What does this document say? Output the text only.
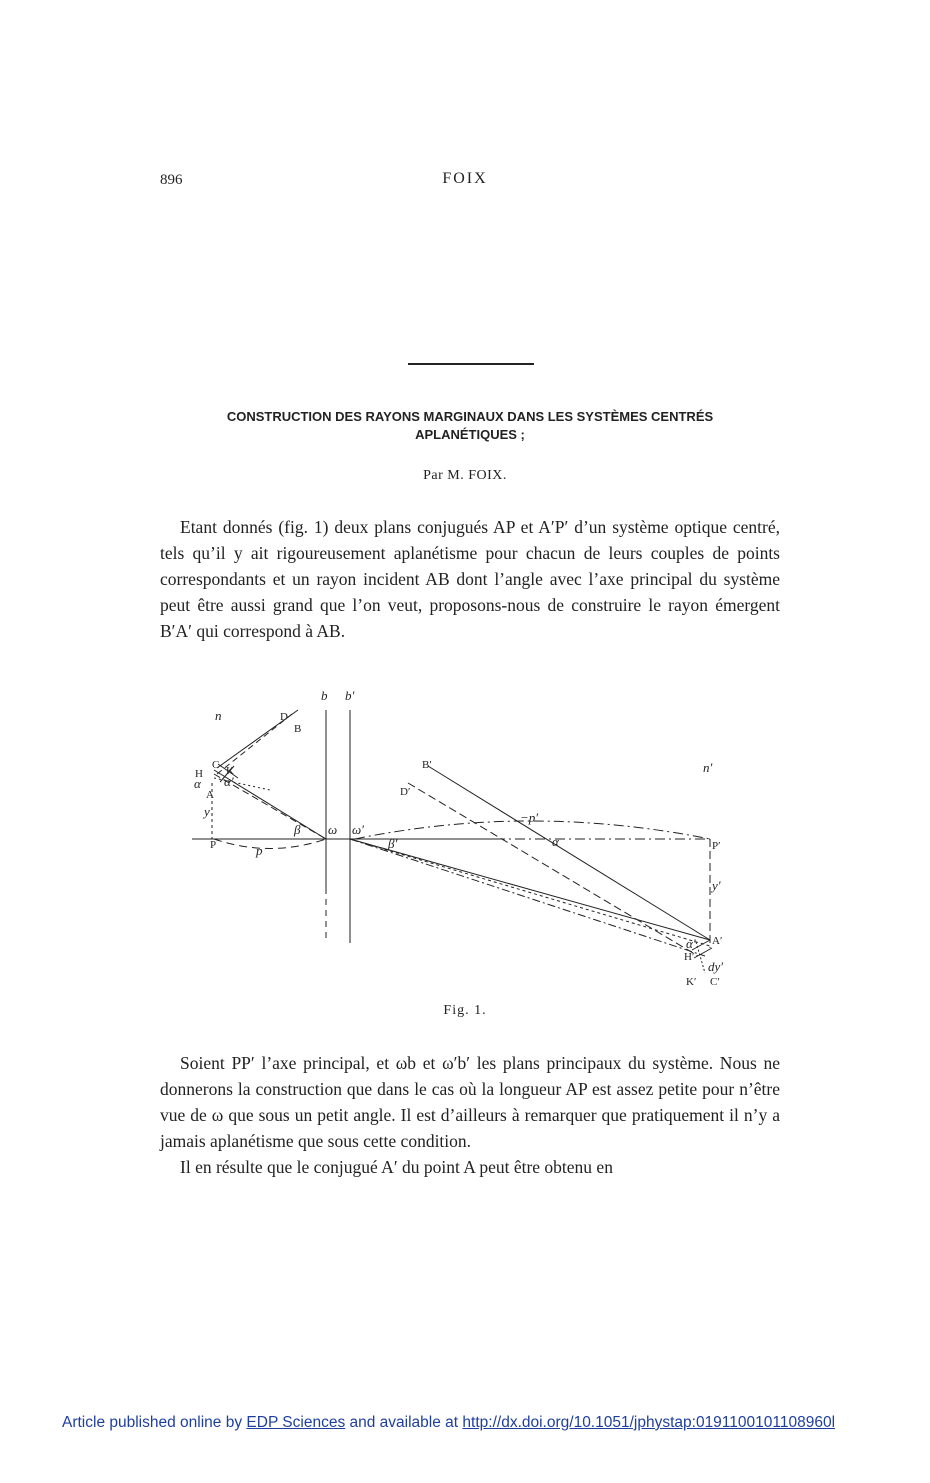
896	FOIX
CONSTRUCTION DES RAYONS MARGINAUX DANS LES SYSTÈMES CENTRÉS
APLANÉTIQUES ;
Par M. FOIX.

Etant donnés (fig. 1) deux plans conjugués AP et A′P′ d’un système optique centré, tels qu’il y ait rigoureusement aplanétisme pour chacun de leurs couples de points correspondants et un rayon incident AB dont l’angle avec l’axe principal du système peut être aussi grand que l’on veut, proposons-nous de construire le rayon émergent B′A′ qui correspond à AB.

b b′
n
n′
y
p
β ω ω′
β′
−p′
α
y′
dy′
α α′
α′
D
B
C K
H
A
P
B′
D′
P′
A′
H′
K′ C′
Fig. 1.

Soient PP′ l’axe principal, et ωb et ω′b′ les plans principaux du système. Nous ne donnerons la construction que dans le cas où la longueur AP est assez petite pour n’être vue de ω que sous un petit angle. Il est d’ailleurs à remarquer que pratiquement il n’y a jamais aplanétisme que sous cette condition.

Il en résulte que le conjugué A′ du point A peut être obtenu en

Article published online by EDP Sciences and available at http://dx.doi.org/10.1051/jphystap:0191100101108960l
